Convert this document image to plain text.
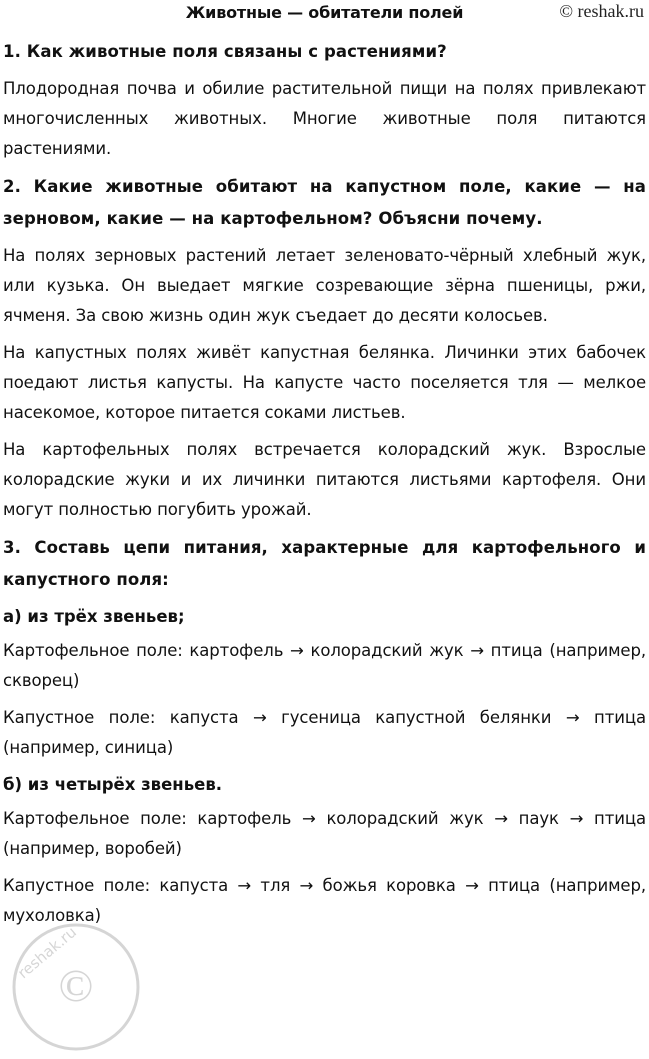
Животные — обитатели полей	© reshak.ru
1. Как животные поля связаны с растениями?
Плодородная почва и обилие растительной пищи на полях привлекают многочисленных животных. Многие животные поля питаются растениями.
2. Какие животные обитают на капустном поле, какие — на зерновом, какие — на картофельном? Объясни почему.
На полях зерновых растений летает зеленовато-чёрный хлебный жук, или кузька. Он выедает мягкие созревающие зёрна пшеницы, ржи, ячменя. За свою жизнь один жук съедает до десяти колосьев.
На капустных полях живёт капустная белянка. Личинки этих бабочек поедают листья капусты. На капусте часто поселяется тля — мелкое насекомое, которое питается соками листьев.
На картофельных полях встречается колорадский жук. Взрослые колорадские жуки и их личинки питаются листьями картофеля. Они могут полностью погубить урожай.
3. Составь цепи питания, характерные для картофельного и капустного поля:
а) из трёх звеньев;
Картофельное поле: картофель → колорадский жук → птица (например, скворец)
Капустное поле: капуста → гусеница капустной белянки → птица (например, синица)
б) из четырёх звеньев.
Картофельное поле: картофель → колорадский жук → паук → птица (например, воробей)
Капустное поле: капуста → тля → божья коровка → птица (например, мухоловка)
©
reshak.ru
